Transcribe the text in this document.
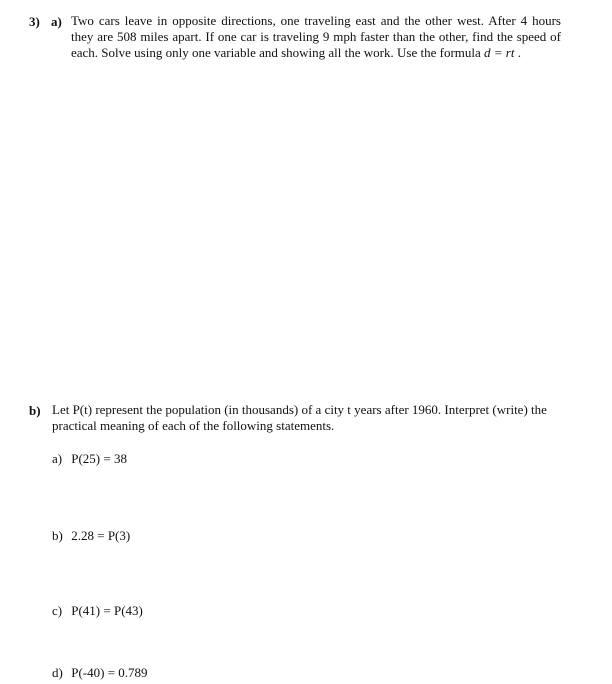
3) a) Two cars leave in opposite directions, one traveling east and the other west. After 4 hours they are 508 miles apart. If one car is traveling 9 mph faster than the other, find the speed of each. Solve using only one variable and showing all the work. Use the formula d = rt .
b) Let P(t) represent the population (in thousands) of a city t years after 1960. Interpret (write) the practical meaning of each of the following statements.
a) P(25) = 38
b) 2.28 = P(3)
c) P(41) = P(43)
d) P(-40) = 0.789
